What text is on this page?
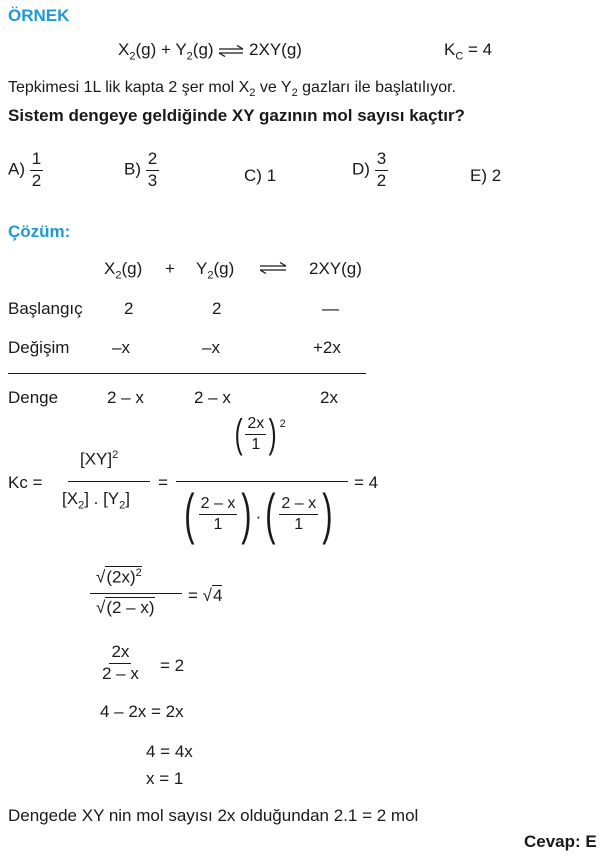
ÖRNEK
$X_2(g) + Y_2(g)$ ⇌ 2XY(g)	$K_C = 4$
Tepkimesi 1L lik kapta 2 şer mol $X_2$ ve $Y_2$ gazları ile başlatılıyor.
Sistem dengeye geldiğinde XY gazının mol sayısı kaçtır?
$A) \frac{1}{2}$	$B) \frac{2}{3}$	C) 1	$D) \frac{3}{2}$	E) 2
Çözüm:
$X_2(g) + Y_2(g)$ ⇌ 2XY(g)
Başlangıç 2	2	—
Değişim	–x	–x	+2x
Denge	2 – x	2 – x	2x
Kc =
[XY]$^2$
$[X_2]$ . $[Y_2]$
=
( $\frac{2x}{1}$ ) $^2$
( $\frac{2 - x}{1}$ ) .( $\frac{2 - x}{1}$ ) = 4
$√(2x)^2$
√(2 – x)
= √4
$\frac{2x}{2 - x} = 2$
4 – 2x = 2x
4 = 4x
x = 1
Dengede XY nin mol sayısı 2x olduğundan 2.1 = 2 mol
Cevap: E
